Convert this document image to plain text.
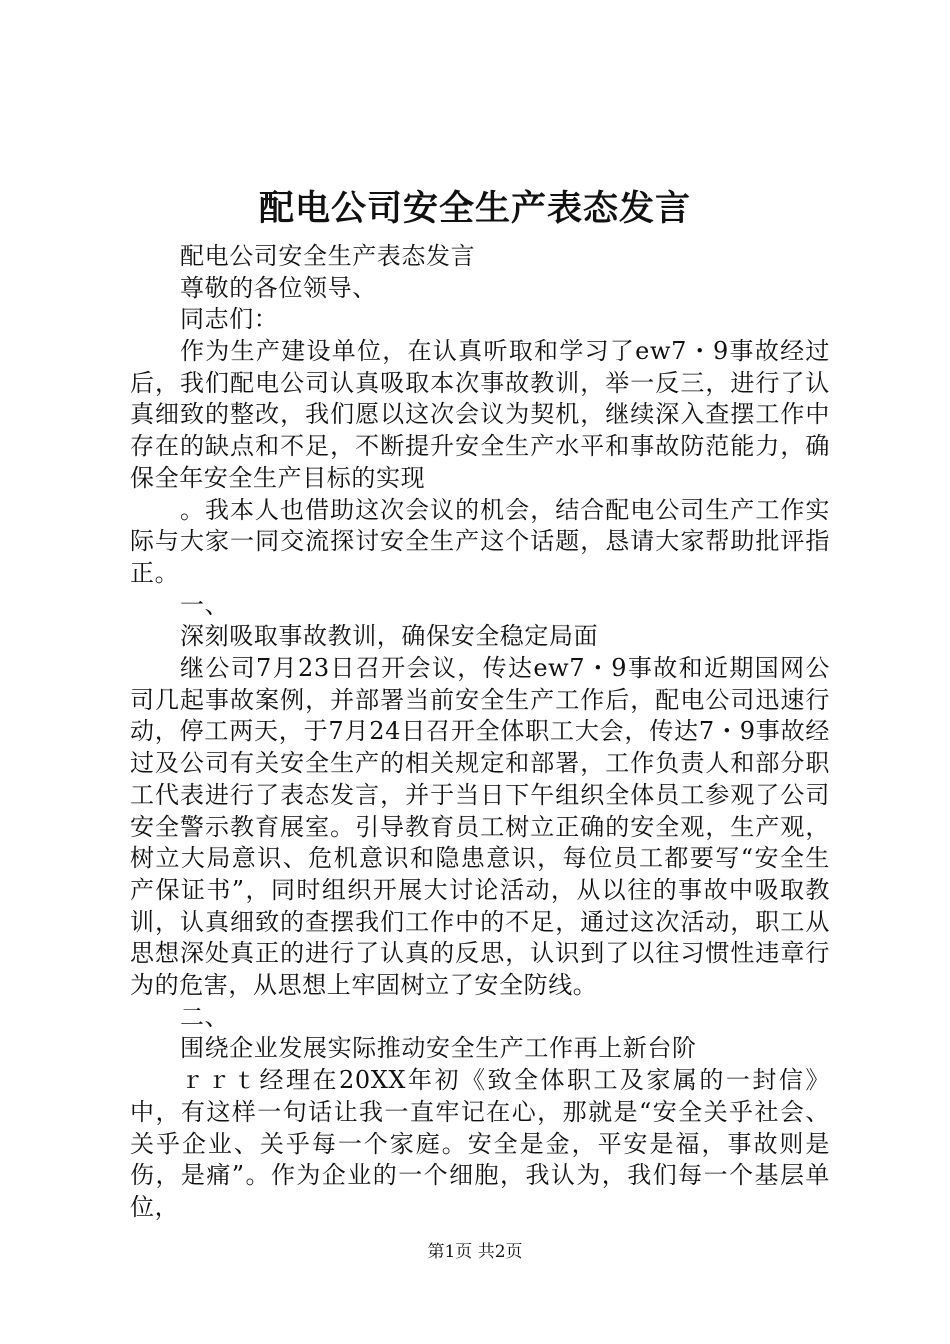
配电公司安全生产表态发言
配电公司安全生产表态发言
尊敬的各位领导、
同志们：
作为生产建设单位，在认真听取和学习了ew7・9事故经过后，我们配电公司认真吸取本次事故教训，举一反三，进行了认真细致的整改，我们愿以这次会议为契机，继续深入查摆工作中存在的缺点和不足，不断提升安全生产水平和事故防范能力，确保全年安全生产目标的实现
。我本人也借助这次会议的机会，结合配电公司生产工作实际与大家一同交流探讨安全生产这个话题，恳请大家帮助批评指正。
一、
深刻吸取事故教训，确保安全稳定局面
继公司7月23日召开会议，传达ew7・9事故和近期国网公司几起事故案例，并部署当前安全生产工作后，配电公司迅速行动，停工两天，于7月24日召开全体职工大会，传达7・9事故经过及公司有关安全生产的相关规定和部署，工作负责人和部分职工代表进行了表态发言，并于当日下午组织全体员工参观了公司安全警示教育展室。引导教育员工树立正确的安全观，生产观，树立大局意识、危机意识和隐患意识，每位员工都要写“安全生产保证书”，同时组织开展大讨论活动，从以往的事故中吸取教训，认真细致的查摆我们工作中的不足，通过这次活动，职工从思想深处真正的进行了认真的反思，认识到了以往习惯性违章行为的危害，从思想上牢固树立了安全防线。
二、
围绕企业发展实际推动安全生产工作再上新台阶
ｒｒｔ经理在20XX年初《致全体职工及家属的一封信》中，有这样一句话让我一直牢记在心，那就是“安全关乎社会、关乎企业、关乎每一个家庭。安全是金，平安是福，事故则是伤，是痛”。作为企业的一个细胞，我认为，我们每一个基层单位，
第1页 共2页
